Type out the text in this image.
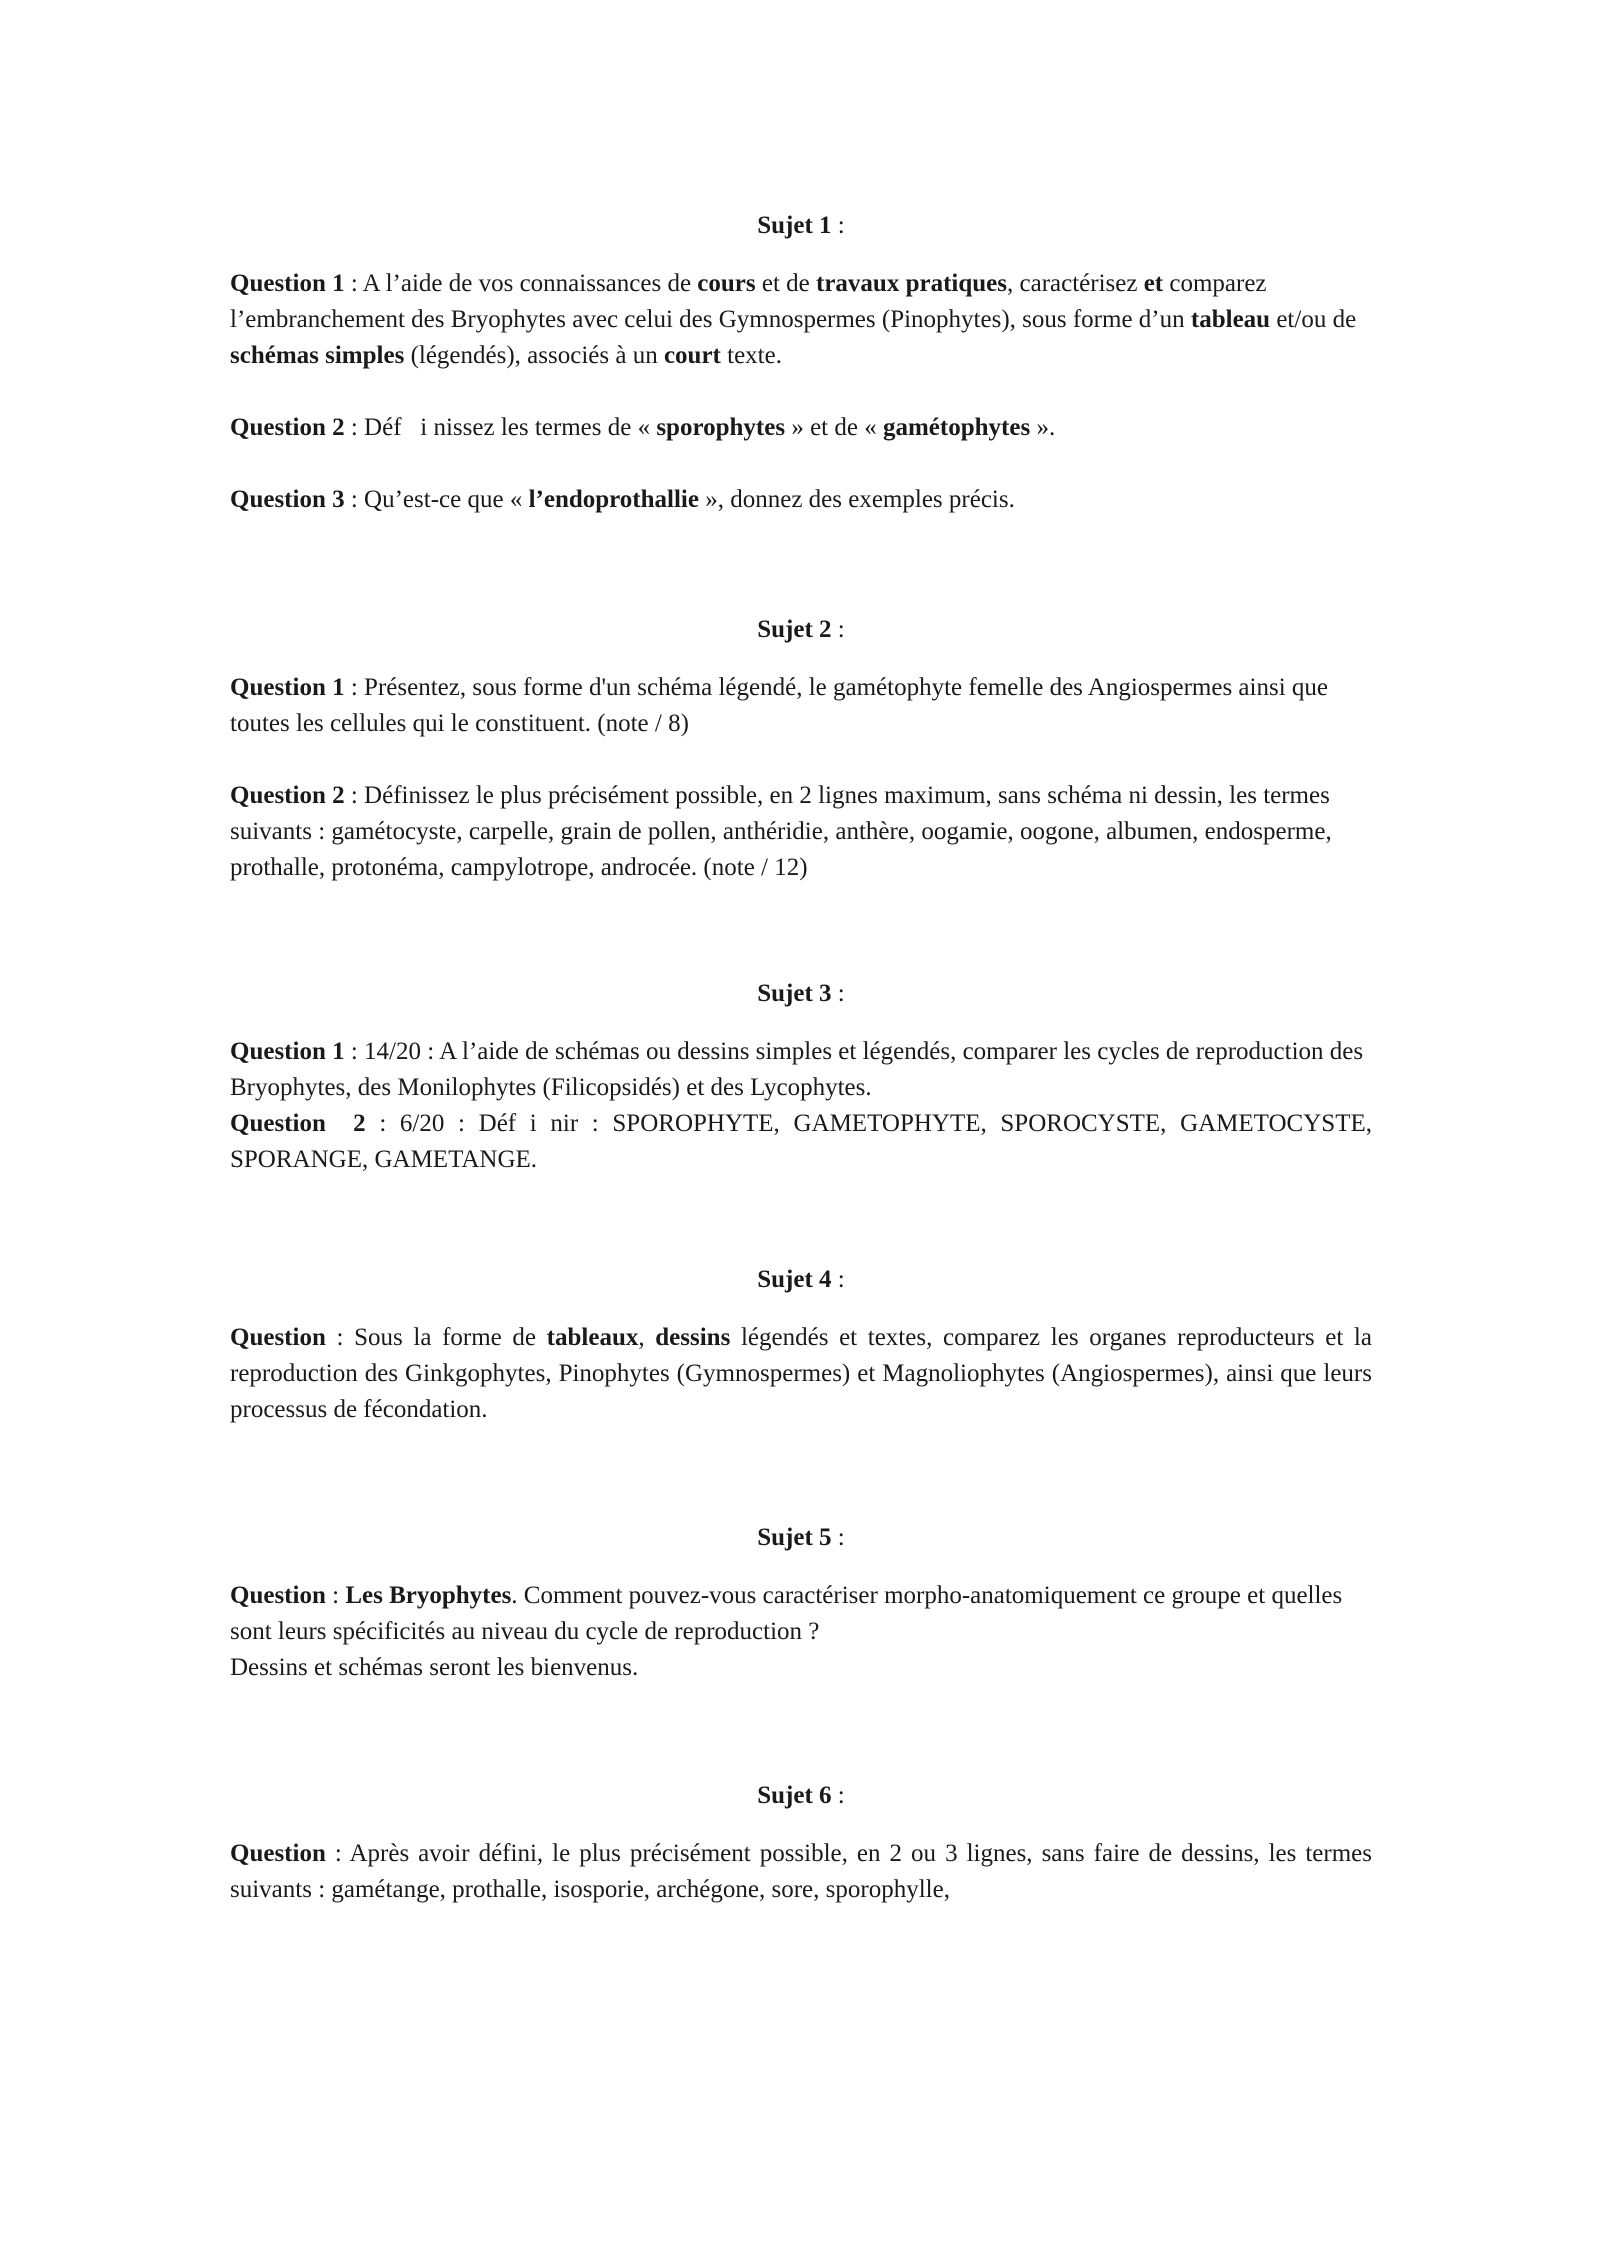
Sujet 1 :

Question 1 : A l’aide de vos connaissances de cours et de travaux pratiques, caractérisez et comparez l’embranchement des Bryophytes avec celui des Gymnospermes (Pinophytes), sous forme d’un tableau et/ou de schémas simples (légendés), associés à un court texte.

Question 2 : Déf   i nissez les termes de « sporophytes » et de « gamétophytes ».

Question 3 : Qu’est-ce que « l’endoprothallie », donnez des exemples précis.

Sujet 2 :

Question 1 : Présentez, sous forme d'un schéma légendé, le gamétophyte femelle des Angiospermes ainsi que toutes les cellules qui le constituent. (note / 8)

Question 2 : Définissez le plus précisément possible, en 2 lignes maximum, sans schéma ni dessin, les termes suivants : gamétocyste, carpelle, grain de pollen, anthéridie, anthère, oogamie, oogone, albumen, endosperme, prothalle, protonéma, campylotrope, androcée. (note / 12)

Sujet 3 :

Question 1 : 14/20 : A l’aide de schémas ou dessins simples et légendés, comparer les cycles de reproduction des Bryophytes, des Monilophytes (Filicopsidés) et des Lycophytes.

Question  2 : 6/20 : Déf i nir : SPOROPHYTE, GAMETOPHYTE, SPOROCYSTE, GAMETOCYSTE, SPORANGE, GAMETANGE.

Sujet 4 :

Question : Sous la forme de tableaux, dessins légendés et textes, comparez les organes reproducteurs et la reproduction des Ginkgophytes, Pinophytes (Gymnospermes) et Magnoliophytes (Angiospermes), ainsi que leurs processus de fécondation.

Sujet 5 :

Question : Les Bryophytes. Comment pouvez-vous caractériser morpho-anatomiquement ce groupe et quelles sont leurs spécificités au niveau du cycle de reproduction ?

Dessins et schémas seront les bienvenus.

Sujet 6 :

Question : Après avoir défini, le plus précisément possible, en 2 ou 3 lignes, sans faire de dessins, les termes suivants : gamétange, prothalle, isosporie, archégone, sore, sporophylle,
